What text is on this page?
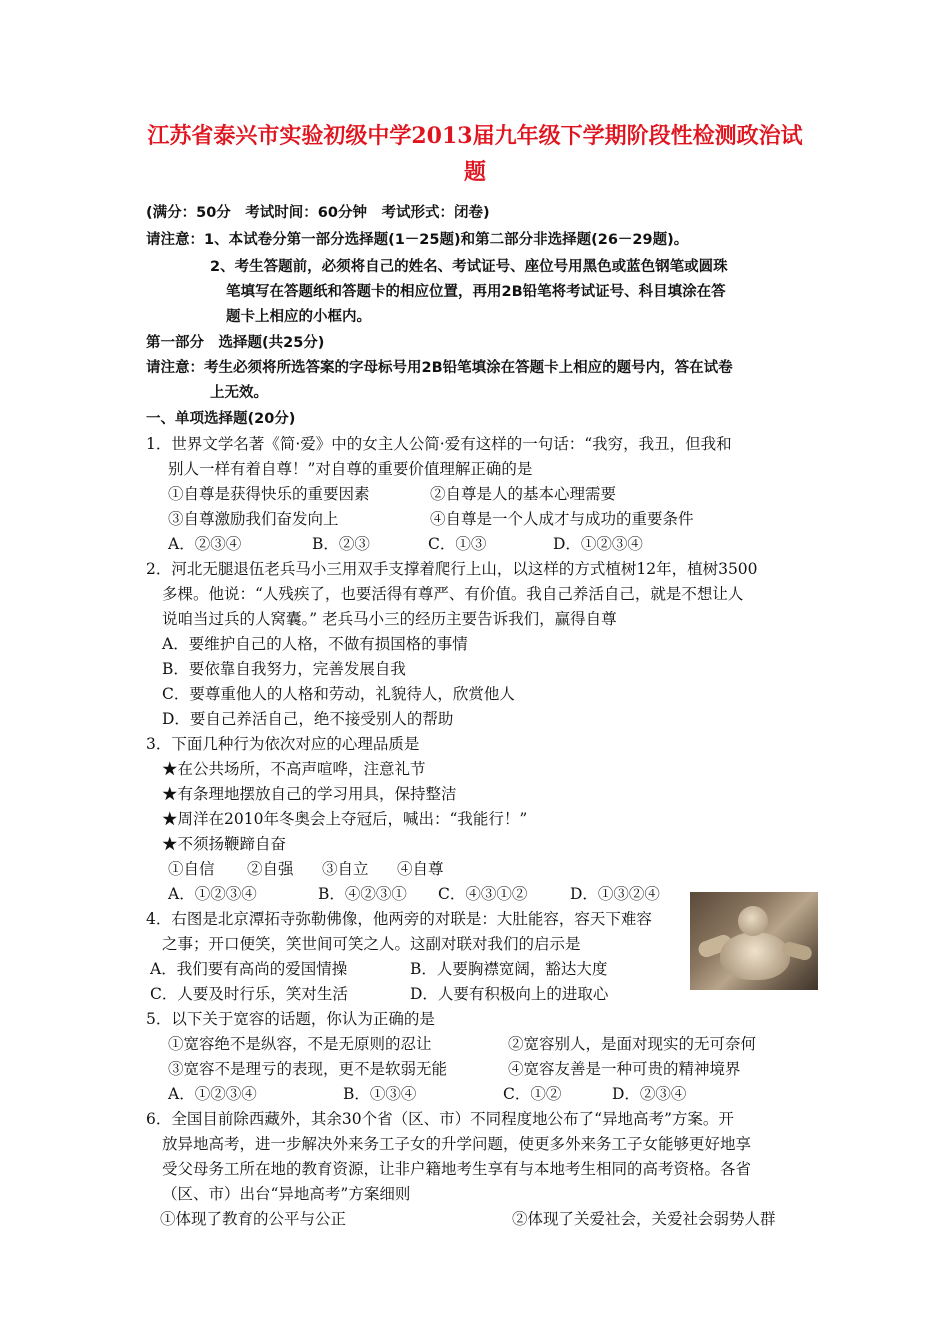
江苏省泰兴市实验初级中学2013届九年级下学期阶段性检测政治试
题
(满分：50分　考试时间：60分钟　考试形式：闭卷)
请注意：1、本试卷分第一部分选择题(1－25题)和第二部分非选择题(26－29题)。
2、考生答题前，必须将自己的姓名、考试证号、座位号用黑色或蓝色钢笔或圆珠
笔填写在答题纸和答题卡的相应位置，再用2B铅笔将考试证号、科目填涂在答
题卡上相应的小框内。
第一部分　选择题(共25分)
请注意：考生必须将所选答案的字母标号用2B铅笔填涂在答题卡上相应的题号内，答在试卷
上无效。
一、单项选择题(20分)
1．世界文学名著《简·爱》中的女主人公简·爱有这样的一句话：“我穷，我丑，但我和
别人一样有着自尊！”对自尊的重要价值理解正确的是
①自尊是获得快乐的重要因素	②自尊是人的基本心理需要
③自尊激励我们奋发向上	④自尊是一个人成才与成功的重要条件
A．②③④	B．②③	C．①③	D．①②③④
2．河北无腿退伍老兵马小三用双手支撑着爬行上山，以这样的方式植树12年，植树3500
多棵。他说：“人残疾了，也要活得有尊严、有价值。我自己养活自己，就是不想让人
说咱当过兵的人窝囊。” 老兵马小三的经历主要告诉我们，赢得自尊
A．要维护自己的人格，不做有损国格的事情
B．要依靠自我努力，完善发展自我
C．要尊重他人的人格和劳动，礼貌待人，欣赏他人
D．要自己养活自己，绝不接受别人的帮助
3．下面几种行为依次对应的心理品质是
★在公共场所，不高声喧哗，注意礼节
★有条理地摆放自己的学习用具，保持整洁
★周洋在2010年冬奥会上夺冠后，喊出：“我能行！”
★不须扬鞭蹄自奋
①自信 ②自强 ③自立 ④自尊
A．①②③④	B．④②③① C．④③①②	D．①③②④
4．右图是北京潭拓寺弥勒佛像，他两旁的对联是：大肚能容，容天下难容
之事；开口便笑，笑世间可笑之人。这副对联对我们的启示是
A．我们要有高尚的爱国情操	B．人要胸襟宽阔，豁达大度
C．人要及时行乐，笑对生活	D．人要有积极向上的进取心
5．以下关于宽容的话题，你认为正确的是
①宽容绝不是纵容，不是无原则的忍让	②宽容别人，是面对现实的无可奈何
③宽容不是理亏的表现，更不是软弱无能	④宽容友善是一种可贵的精神境界
A．①②③④	B．①③④	C．①②	D．②③④
6．全国目前除西藏外，其余30个省（区、市）不同程度地公布了“异地高考”方案。开
放异地高考，进一步解决外来务工子女的升学问题，使更多外来务工子女能够更好地享
受父母务工所在地的教育资源，让非户籍地考生享有与本地考生相同的高考资格。各省
（区、市）出台“异地高考”方案细则
①体现了教育的公平与公正	②体现了关爱社会，关爱社会弱势人群
